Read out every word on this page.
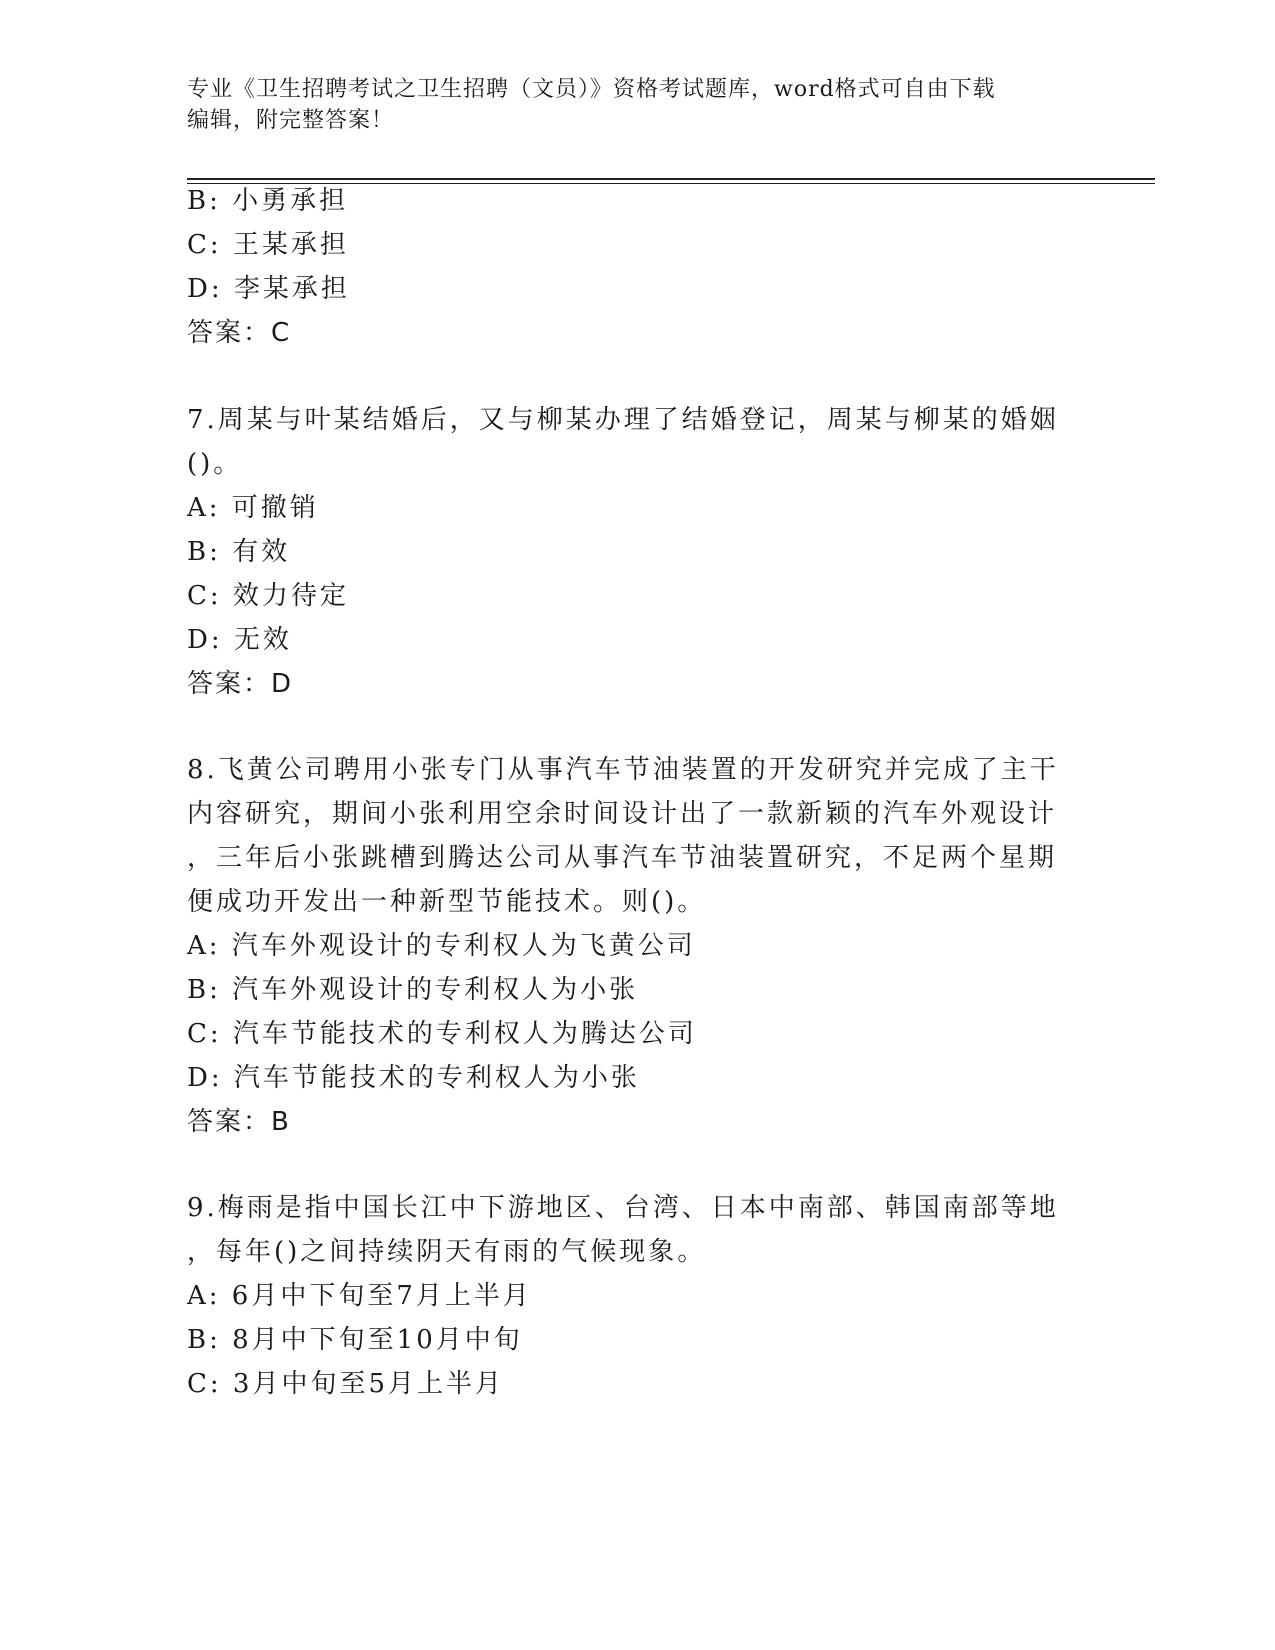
专业《卫生招聘考试之卫生招聘（文员）》资格考试题库，word格式可自由下载
编辑，附完整答案！
B: 小勇承担
C: 王某承担
D: 李某承担
答案：C
7.周某与叶某结婚后，又与柳某办理了结婚登记，周某与柳某的婚姻
()。
A: 可撤销
B: 有效
C: 效力待定
D: 无效
答案：D
8.飞黄公司聘用小张专门从事汽车节油装置的开发研究并完成了主干
内容研究，期间小张利用空余时间设计出了一款新颖的汽车外观设计
，三年后小张跳槽到腾达公司从事汽车节油装置研究，不足两个星期
便成功开发出一种新型节能技术。则()。
A: 汽车外观设计的专利权人为飞黄公司
B: 汽车外观设计的专利权人为小张
C: 汽车节能技术的专利权人为腾达公司
D: 汽车节能技术的专利权人为小张
答案：B
9.梅雨是指中国长江中下游地区、台湾、日本中南部、韩国南部等地
，每年()之间持续阴天有雨的气候现象。
A: 6月中下旬至7月上半月
B: 8月中下旬至10月中旬
C: 3月中旬至5月上半月
